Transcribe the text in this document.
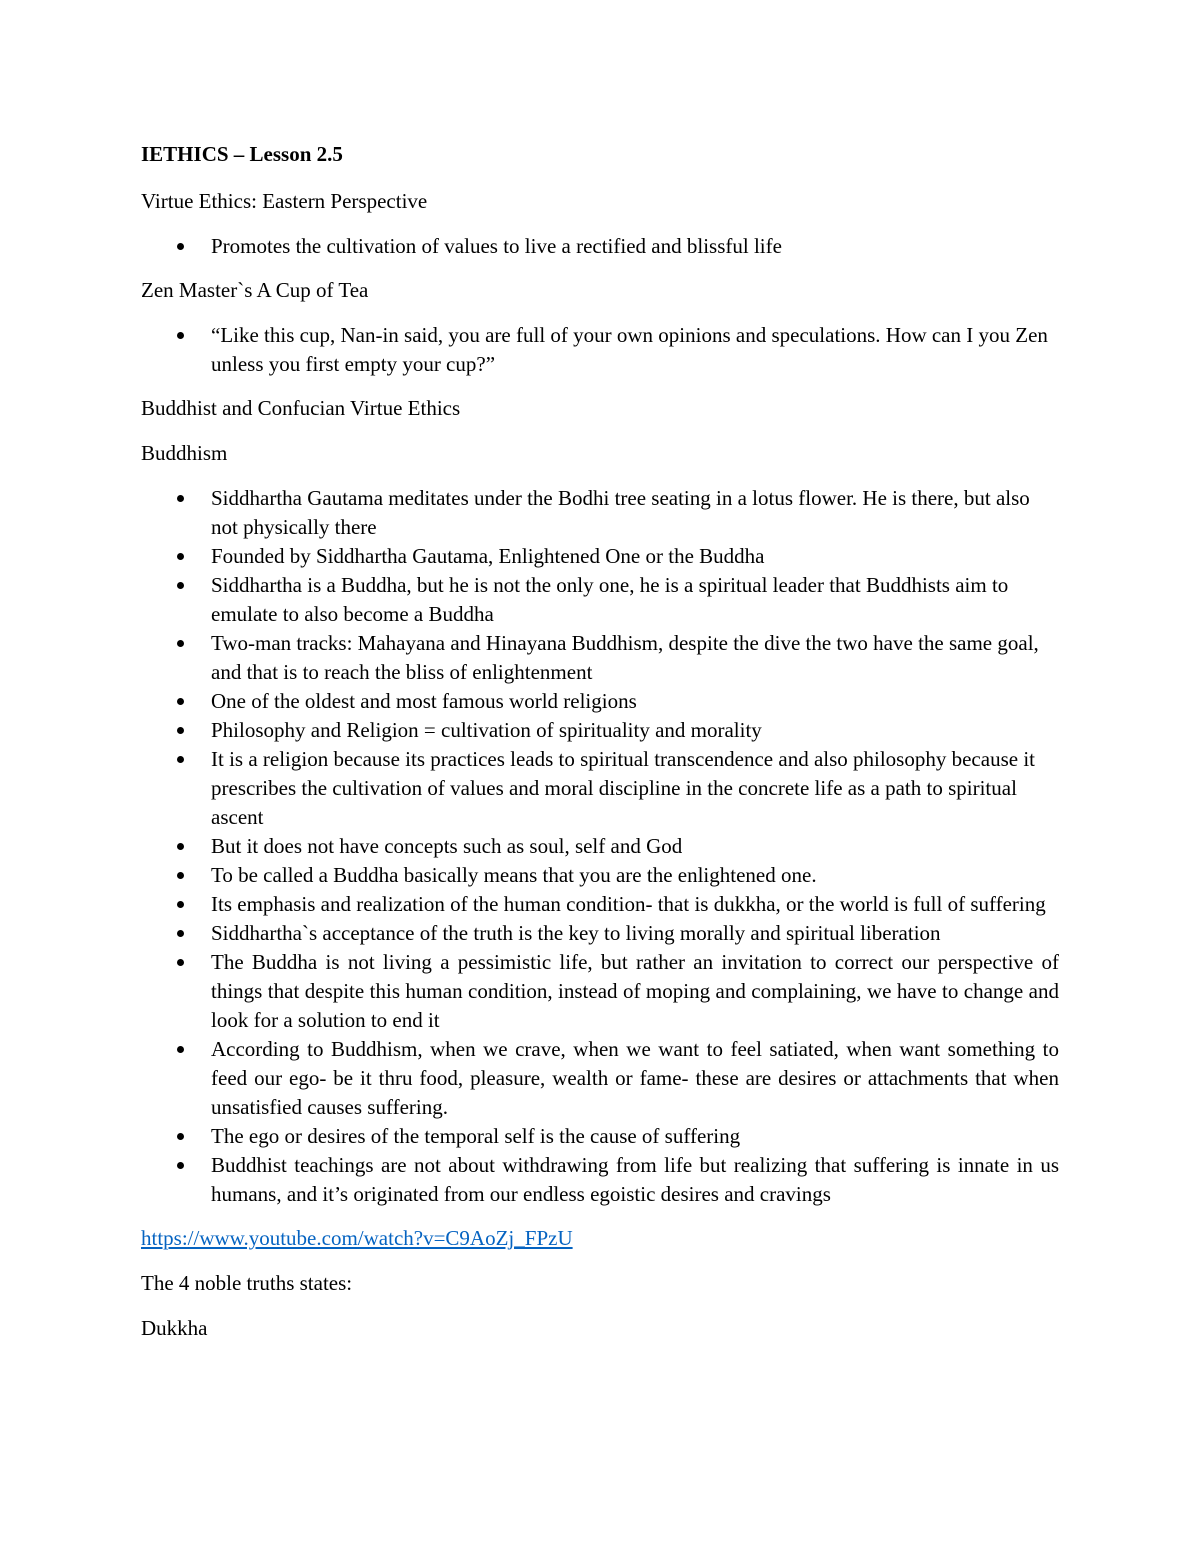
IETHICS – Lesson 2.5
Virtue Ethics: Eastern Perspective
Promotes the cultivation of values to live a rectified and blissful life
Zen Master`s A Cup of Tea
“Like this cup, Nan-in said, you are full of your own opinions and speculations. How can I you Zen unless you first empty your cup?”
Buddhist and Confucian Virtue Ethics
Buddhism
Siddhartha Gautama meditates under the Bodhi tree seating in a lotus flower. He is there, but also not physically there
Founded by Siddhartha Gautama, Enlightened One or the Buddha
Siddhartha is a Buddha, but he is not the only one, he is a spiritual leader that Buddhists aim to emulate to also become a Buddha
Two-man tracks: Mahayana and Hinayana Buddhism, despite the dive the two have the same goal, and that is to reach the bliss of enlightenment
One of the oldest and most famous world religions
Philosophy and Religion = cultivation of spirituality and morality
It is a religion because its practices leads to spiritual transcendence and also philosophy because it prescribes the cultivation of values and moral discipline in the concrete life as a path to spiritual ascent
But it does not have concepts such as soul, self and God
To be called a Buddha basically means that you are the enlightened one.
Its emphasis and realization of the human condition- that is dukkha, or the world is full of suffering
Siddhartha`s acceptance of the truth is the key to living morally and spiritual liberation
The Buddha is not living a pessimistic life, but rather an invitation to correct our perspective of things that despite this human condition, instead of moping and complaining, we have to change and look for a solution to end it
According to Buddhism, when we crave, when we want to feel satiated, when want something to feed our ego- be it thru food, pleasure, wealth or fame- these are desires or attachments that when unsatisfied causes suffering.
The ego or desires of the temporal self is the cause of suffering
Buddhist teachings are not about withdrawing from life but realizing that suffering is innate in us humans, and it’s originated from our endless egoistic desires and cravings
https://www.youtube.com/watch?v=C9AoZj_FPzU
The 4 noble truths states:
Dukkha
